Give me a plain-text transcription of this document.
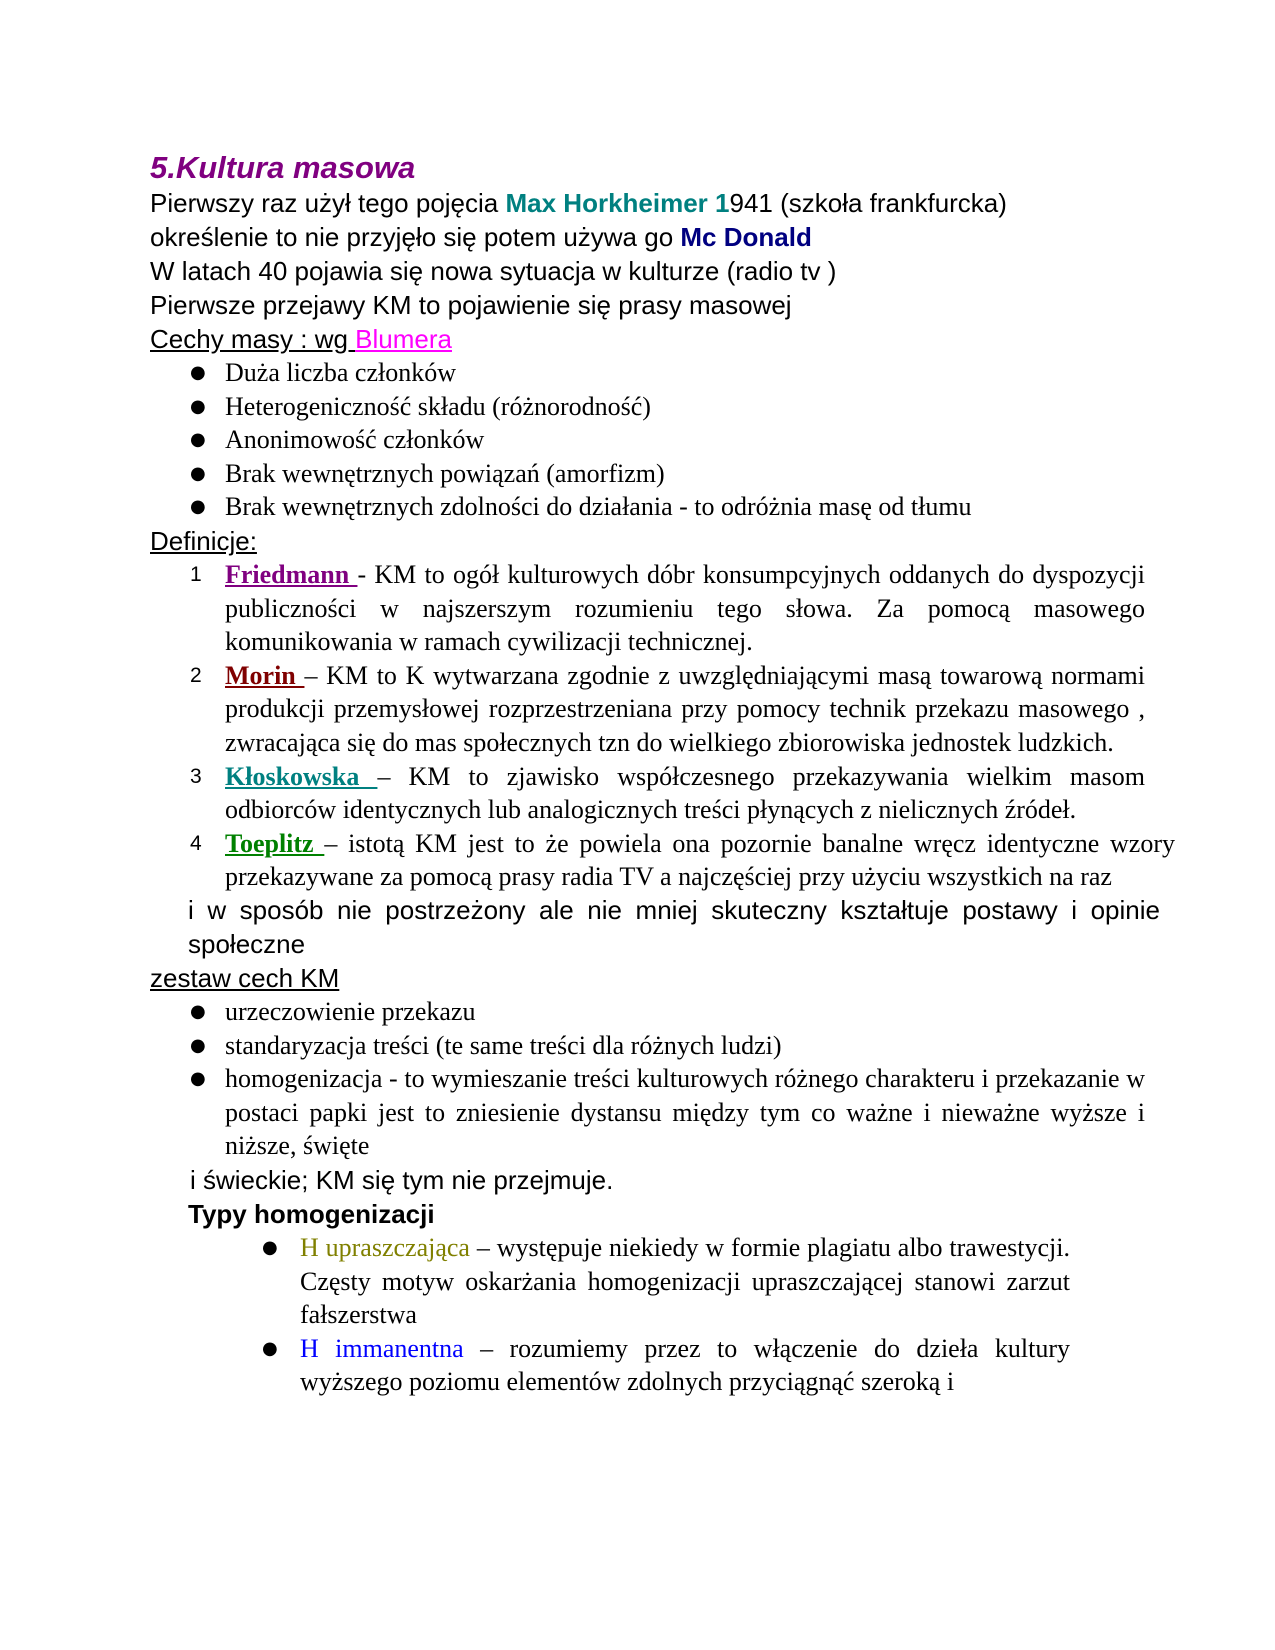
5.Kultura masowa

Pierwszy raz użył tego pojęcia Max Horkheimer 1941 (szkoła frankfurcka)

określenie to nie przyjęło się potem używa go Mc Donald

W latach 40 pojawia się nowa sytuacja w kulturze (radio tv )

Pierwsze przejawy KM to pojawienie się prasy masowej

Cechy masy : wg Blumera

● Duża liczba członków
● Heterogeniczność składu (różnorodność)
● Anonimowość członków
● Brak wewnętrznych powiązań (amorfizm)
● Brak wewnętrznych zdolności do działania - to odróżnia masę od tłumu

Definicje:

1 Friedmann - KM to ogół kulturowych dóbr konsumpcyjnych oddanych do dyspozycji publiczności w najszerszym rozumieniu tego słowa. Za pomocą masowego komunikowania w ramach cywilizacji technicznej.
2 Morin – KM to K wytwarzana zgodnie z uwzględniającymi masą towarową normami produkcji przemysłowej rozprzestrzeniana przy pomocy technik przekazu masowego , zwracająca się do mas społecznych tzn do wielkiego zbiorowiska jednostek ludzkich.
3 Kłoskowska – KM to zjawisko współczesnego przekazywania wielkim masom odbiorców identycznych lub analogicznych treści płynących z nielicznych źródeł.
4 Toeplitz – istotą KM jest to że powiela ona pozornie banalne wręcz identyczne wzory przekazywane za pomocą prasy radia TV a najczęściej przy użyciu wszystkich na raz

i w sposób nie postrzeżony ale nie mniej skuteczny kształtuje postawy i opinie społeczne

zestaw cech KM

● urzeczowienie przekazu
● standaryzacja treści (te same treści dla różnych ludzi)
● homogenizacja - to wymieszanie treści kulturowych różnego charakteru i przekazanie w postaci papki jest to zniesienie dystansu między tym co ważne i nieważne wyższe i niższe, święte

i świeckie; KM się tym nie przejmuje.

Typy homogenizacji

● H upraszczająca – występuje niekiedy w formie plagiatu albo trawestycji. Częsty motyw oskarżania homogenizacji upraszczającej stanowi zarzut fałszerstwa
● H immanentna – rozumiemy przez to włączenie do dzieła kultury wyższego poziomu elementów zdolnych przyciągnąć szeroką i
